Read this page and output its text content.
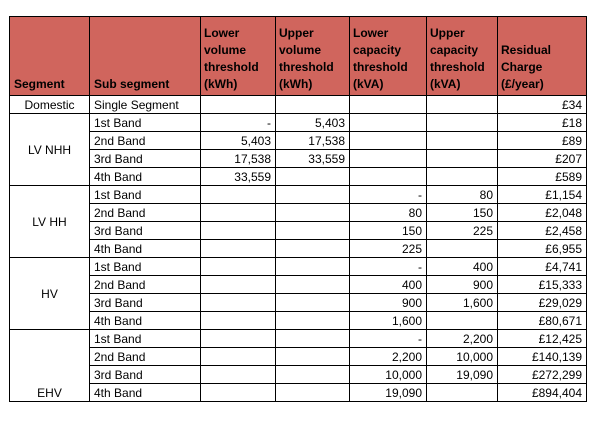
Segment	Sub segment	Lower volume threshold (kWh)	Upper volume threshold (kWh)	Lower capacity threshold (kVA)	Upper capacity threshold (kVA)	Residual Charge (£/year)
Domestic	Single Segment					£34
LV NHH	1st Band	-	5,403			£18
	2nd Band	5,403	17,538			£89
	3rd Band	17,538	33,559			£207
	4th Band	33,559				£589
LV HH	1st Band			-	80	£1,154
	2nd Band			80	150	£2,048
	3rd Band			150	225	£2,458
	4th Band			225		£6,955
HV	1st Band			-	400	£4,741
	2nd Band			400	900	£15,333
	3rd Band			900	1,600	£29,029
	4th Band			1,600		£80,671
EHV	1st Band			-	2,200	£12,425
	2nd Band			2,200	10,000	£140,139
	3rd Band			10,000	19,090	£272,299
	4th Band			19,090		£894,404
